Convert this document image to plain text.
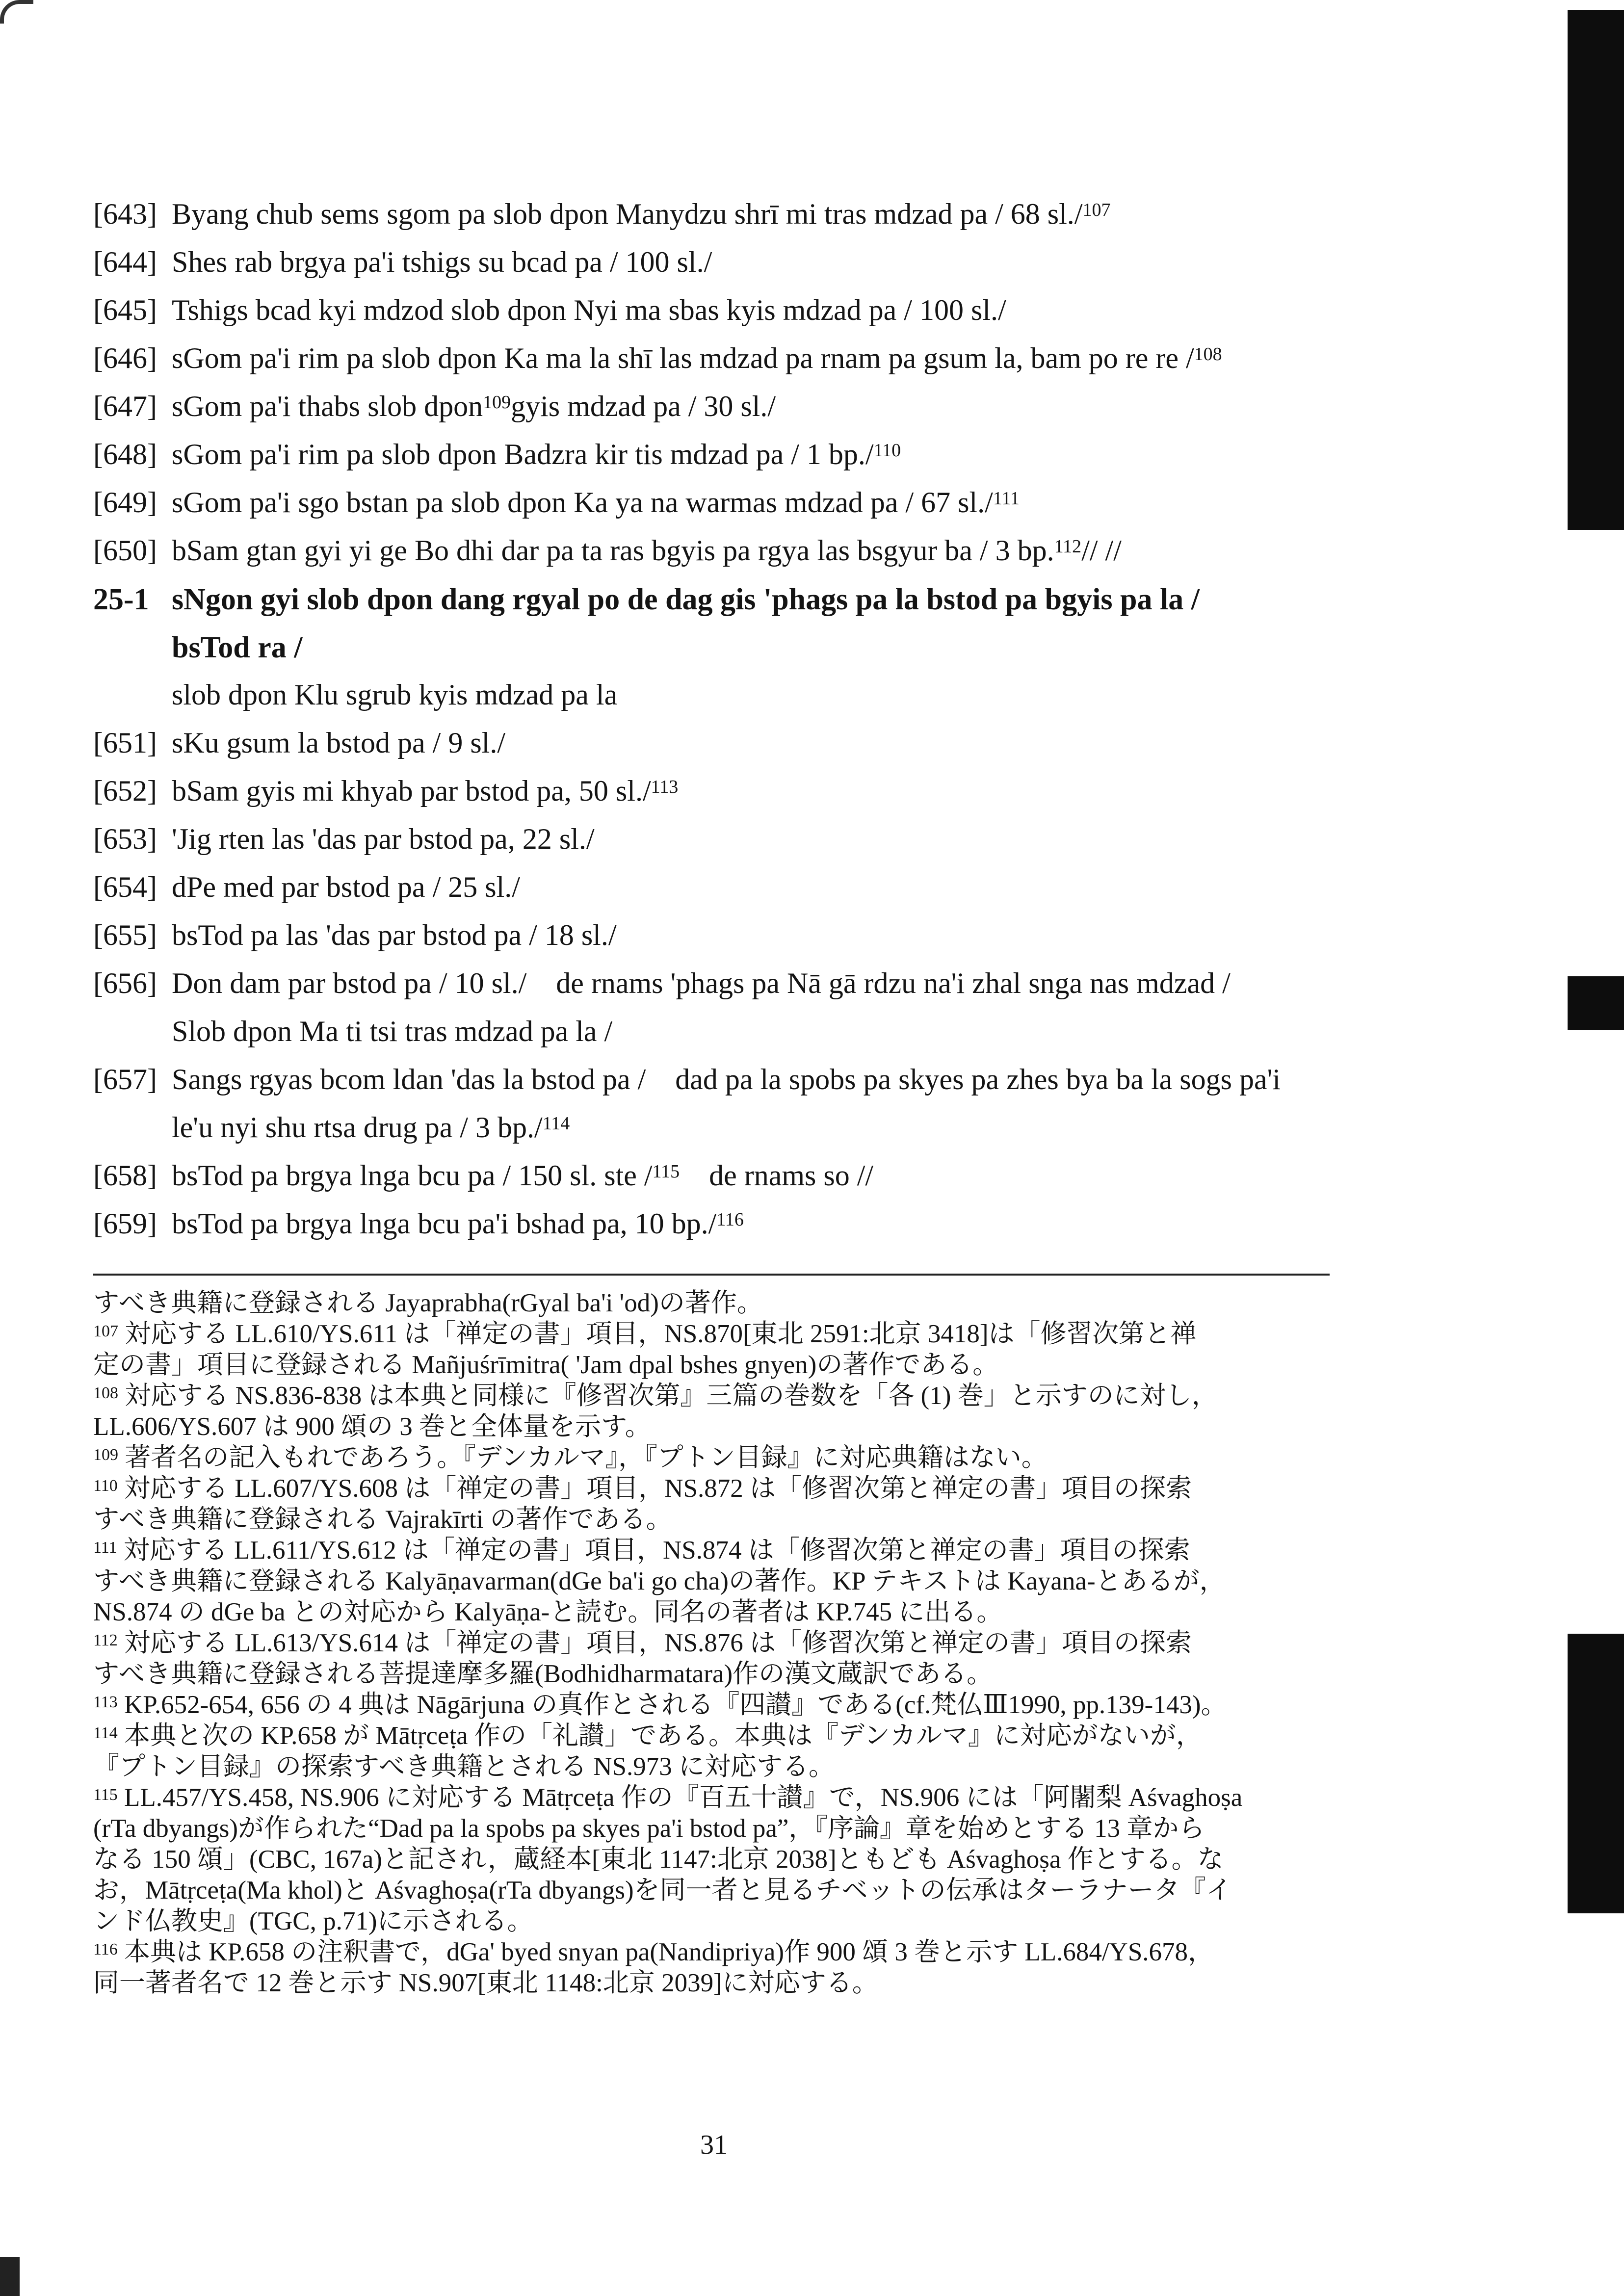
[643] Byang chub sems sgom pa slob dpon Manydzu shrī mi tras mdzad pa / 68 sl./$^{107}$
[644] Shes rab brgya pa'i tshigs su bcad pa / 100 sl./
[645] Tshigs bcad kyi mdzod slob dpon Nyi ma sbas kyis mdzad pa / 100 sl./
[646] sGom pa'i rim pa slob dpon Ka ma la shī las mdzad pa rnam pa gsum la, bam po re re /$^{108}$
[647] sGom pa'i thabs slob dpon$^{109}$gyis mdzad pa / 30 sl./
[648] sGom pa'i rim pa slob dpon Badzra kir tis mdzad pa / 1 bp./$^{110}$
[649] sGom pa'i sgo bstan pa slob dpon Ka ya na warmas mdzad pa / 67 sl./$^{111}$
[650] bSam gtan gyi yi ge Bo dhi dar pa ta ras bgyis pa rgya las bsgyur ba / 3 bp.$^{112}$// //
25-1 sNgon gyi slob dpon dang rgyal po de dag gis 'phags pa la bstod pa bgyis pa la /
bsTod ra /
slob dpon Klu sgrub kyis mdzad pa la
[651] sKu gsum la bstod pa / 9 sl./
[652] bSam gyis mi khyab par bstod pa, 50 sl./$^{113}$
[653] 'Jig rten las 'das par bstod pa, 22 sl./
[654] dPe med par bstod pa / 25 sl./
[655] bsTod pa las 'das par bstod pa / 18 sl./
[656] Don dam par bstod pa / 10 sl./ de rnams 'phags pa Nā gā rdzu na'i zhal snga nas mdzad /
Slob dpon Ma ti tsi tras mdzad pa la /
[657] Sangs rgyas bcom ldan 'das la bstod pa / dad pa la spobs pa skyes pa zhes bya ba la sogs pa'i
le'u nyi shu rtsa drug pa / 3 bp./$^{114}$
[658] bsTod pa brgya lnga bcu pa / 150 sl. ste /$^{115}$ de rnams so //
[659] bsTod pa brgya lnga bcu pa'i bshad pa, 10 bp./$^{116}$
すべき典籍に登録される Jayaprabha(rGyal ba'i 'od)の著作。
$^{107}$ 対応する LL.610/YS.611 は「禅定の書」項目，NS.870[東北 2591:北京 3418]は「修習次第と禅
定の書」項目に登録される Mañjuśrīmitra( 'Jam dpal bshes gnyen)の著作である。
$^{108}$ 対応する NS.836-838 は本典と同様に『修習次第』三篇の巻数を「各 (1) 巻」と示すのに対し，
LL.606/YS.607 は 900 頌の 3 巻と全体量を示す。
$^{109}$ 著者名の記入もれであろう。『デンカルマ』，『プトン目録』に対応典籍はない。
$^{110}$ 対応する LL.607/YS.608 は「禅定の書」項目，NS.872 は「修習次第と禅定の書」項目の探索
すべき典籍に登録される Vajrakīrti の著作である。
$^{111}$ 対応する LL.611/YS.612 は「禅定の書」項目，NS.874 は「修習次第と禅定の書」項目の探索
すべき典籍に登録される Kalyāṇavarman(dGe ba'i go cha)の著作。KP テキストは Kayana-とあるが，
NS.874 の dGe ba との対応から Kalyāṇa-と読む。同名の著者は KP.745 に出る。
$^{112}$ 対応する LL.613/YS.614 は「禅定の書」項目，NS.876 は「修習次第と禅定の書」項目の探索
すべき典籍に登録される菩提達摩多羅(Bodhidharmatara)作の漢文蔵訳である。
$^{113}$ KP.652-654, 656 の 4 典は Nāgārjuna の真作とされる『四讃』である(cf.梵仏Ⅲ1990, pp.139-143)。
$^{114}$ 本典と次の KP.658 が Mātṛceṭa 作の「礼讃」である。本典は『デンカルマ』に対応がないが，
『プトン目録』の探索すべき典籍とされる NS.973 に対応する。
$^{115}$ LL.457/YS.458, NS.906 に対応する Mātṛceṭa 作の『百五十讃』で，NS.906 には「阿闍梨 Aśvaghoṣa
(rTa dbyangs)が作られた“Dad pa la spobs pa skyes pa'i bstod pa”，『序論』章を始めとする 13 章から
なる 150 頌」(CBC, 167a)と記され，蔵経本[東北 1147:北京 2038]ともども Aśvaghoṣa 作とする。な
お，Mātṛceṭa(Ma khol)と Aśvaghoṣa(rTa dbyangs)を同一者と見るチベットの伝承はターラナータ『イ
ンド仏教史』(TGC, p.71)に示される。
$^{116}$ 本典は KP.658 の注釈書で，dGa' byed snyan pa(Nandipriya)作 900 頌 3 巻と示す LL.684/YS.678，
同一著者名で 12 巻と示す NS.907[東北 1148:北京 2039]に対応する。
31
